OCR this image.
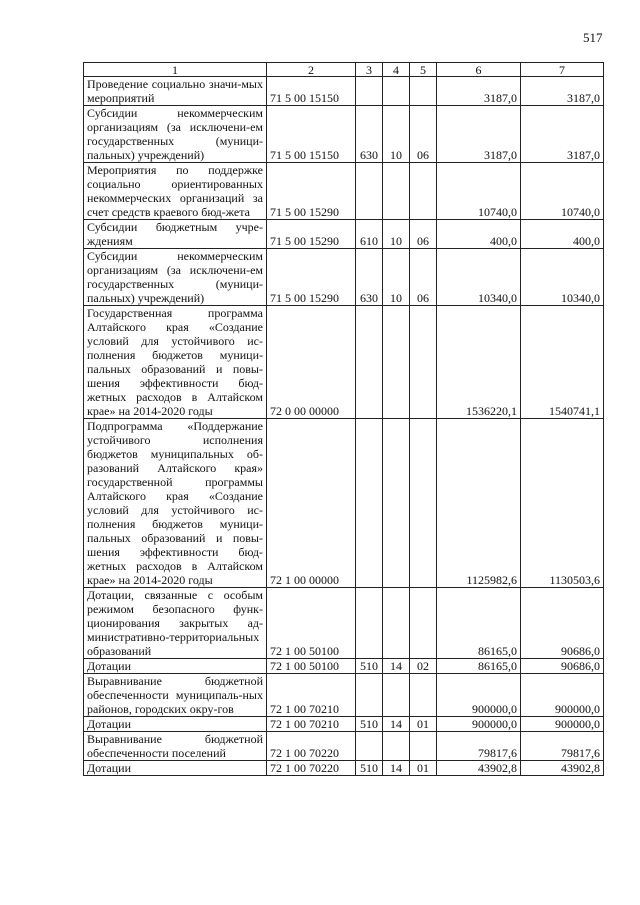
517
1	2	3	4	5	6	7
Проведение социально значи-мых мероприятий	71 5 00 15150				3187,0	3187,0
Субсидии некоммерческим организациям (за исключени-ем государственных (муници-пальных) учреждений)	71 5 00 15150	630	10	06	3187,0	3187,0
Мероприятия по поддержке социально ориентированных некоммерческих организаций за счет средств краевого бюд-жета	71 5 00 15290				10740,0	10740,0
Субсидии бюджетным учре-ждениям	71 5 00 15290	610	10	06	400,0	400,0
Субсидии некоммерческим организациям (за исключени-ем государственных (муници-пальных) учреждений)	71 5 00 15290	630	10	06	10340,0	10340,0
Государственная программа Алтайского края «Создание условий для устойчивого ис-полнения бюджетов муници-пальных образований и повы-шения эффективности бюд-жетных расходов в Алтайском крае» на 2014-2020 годы	72 0 00 00000				1536220,1	1540741,1
Подпрограмма «Поддержание устойчивого исполнения бюджетов муниципальных об-разований Алтайского края» государственной программы Алтайского края «Создание условий для устойчивого ис-полнения бюджетов муници-пальных образований и повы-шения эффективности бюд-жетных расходов в Алтайском крае» на 2014-2020 годы	72 1 00 00000				1125982,6	1130503,6
Дотации, связанные с особым режимом безопасного функ-ционирования закрытых ад-министративно-территориальных образований	72 1 00 50100				86165,0	90686,0
Дотации	72 1 00 50100	510	14	02	86165,0	90686,0
Выравнивание бюджетной обеспеченности муниципаль-ных районов, городских окру-гов	72 1 00 70210				900000,0	900000,0
Дотации	72 1 00 70210	510	14	01	900000,0	900000,0
Выравнивание бюджетной обеспеченности поселений	72 1 00 70220				79817,6	79817,6
Дотации	72 1 00 70220	510	14	01	43902,8	43902,8
